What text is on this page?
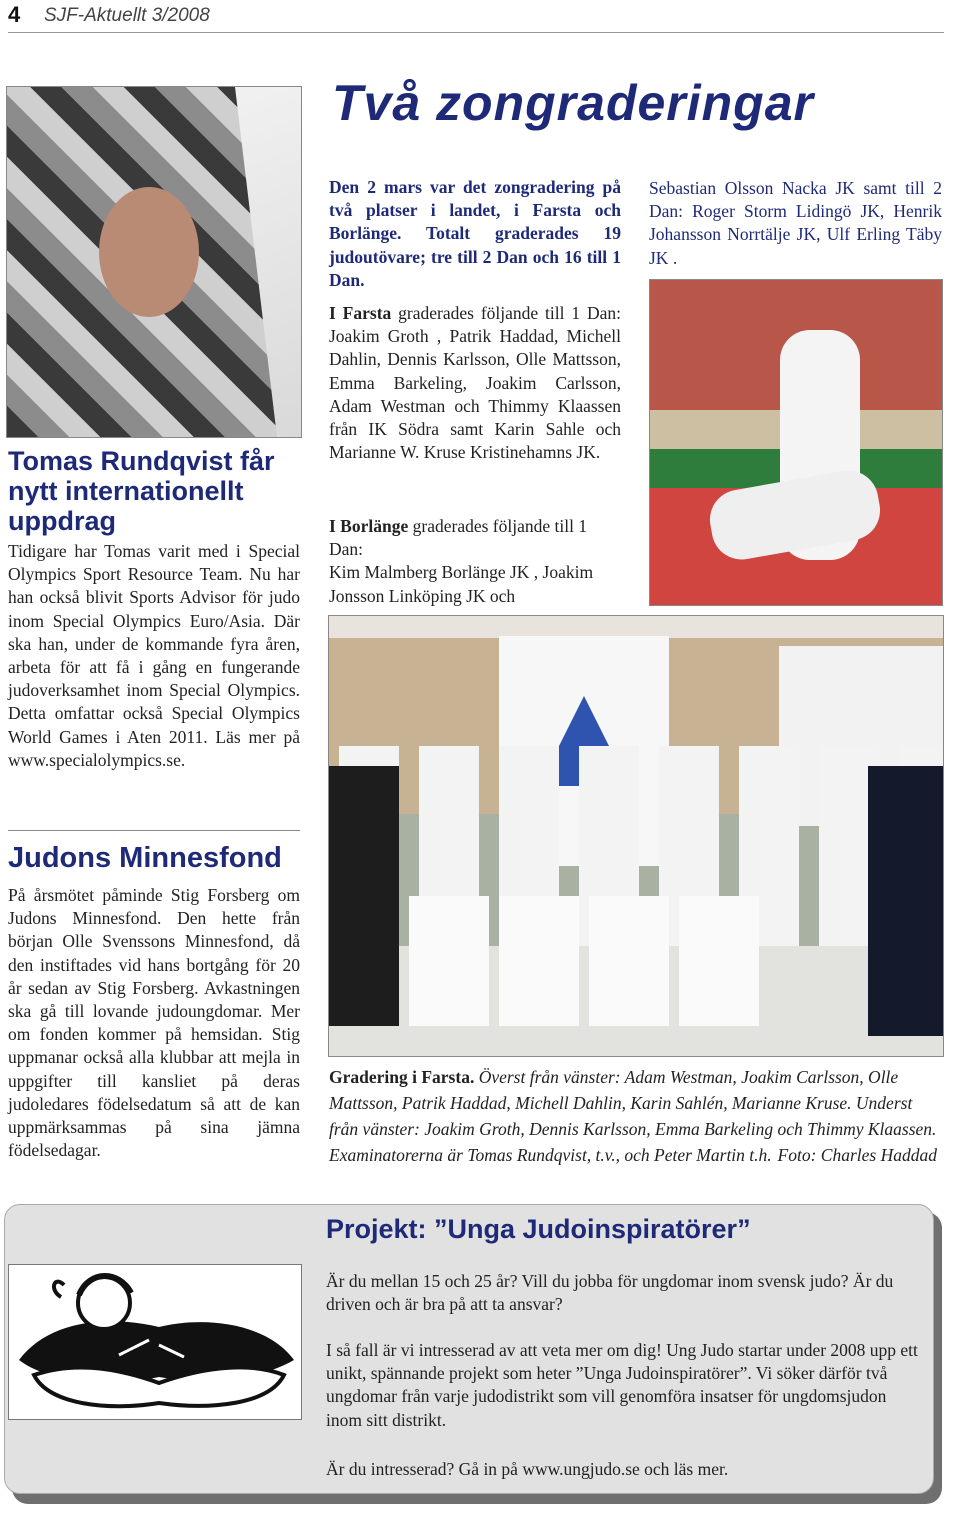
4 SJF-Aktuellt 3/2008
Tomas Rundqvist får nytt internationellt uppdrag
Tidigare har Tomas varit med i Special Olympics Sport Resource Team. Nu har han också blivit Sports Advisor för judo inom Special Olympics Euro/Asia. Där ska han, under de kommande fyra åren, arbeta för att få i gång en fungerande judoverksamhet inom Special Olympics. Detta omfattar också Special Olympics World Games i Aten 2011. Läs mer på www.specialolympics.se.
Judons Minnesfond
På årsmötet påminde Stig Forsberg om Judons Minnesfond. Den hette från början Olle Svenssons Minnesfond, då den instiftades vid hans bortgång för 20 år sedan av Stig Forsberg. Avkastningen ska gå till lovande judoungdomar. Mer om fonden kommer på hemsidan. Stig uppmanar också alla klubbar att mejla in uppgifter till kansliet på deras judoledares födelsedatum så att de kan uppmärksammas på sina jämna födelsedagar.
Två zongraderingar
Den 2 mars var det zongradering på två platser i landet, i Farsta och Borlänge. Totalt graderades 19 judoutövare; tre till 2 Dan och 16 till 1 Dan.
I Farsta graderades följande till 1 Dan: Joakim Groth , Patrik Haddad, Michell Dahlin, Dennis Karlsson, Olle Mattsson, Emma Barkeling, Joakim Carlsson, Adam Westman och Thimmy Klaassen från IK Södra samt Karin Sahle och Marianne W. Kruse Kristinehamns JK.
I Borlänge graderades följande till 1 Dan:
Kim Malmberg Borlänge JK , Joakim Jonsson Linköping JK och
Sebastian Olsson Nacka JK samt till 2 Dan: Roger Storm Lidingö JK, Henrik Johansson Norrtälje JK, Ulf Erling Täby JK .
Gradering i Farsta. Överst från vänster: Adam Westman, Joakim Carlsson, Olle Mattsson, Patrik Haddad, Michell Dahlin, Karin Sahlén, Marianne Kruse. Underst från vänster: Joakim Groth, Dennis Karlsson, Emma Barkeling och Thimmy Klaassen. Examinatorerna är Tomas Rundqvist, t.v., och Peter Martin t.h. Foto: Charles Haddad
Projekt: ”Unga Judoinspiratörer”
Är du mellan 15 och 25 år? Vill du jobba för ungdomar inom svensk judo? Är du driven och är bra på att ta ansvar?
I så fall är vi intresserad av att veta mer om dig! Ung Judo startar under 2008 upp ett unikt, spännande projekt som heter ”Unga Judoinspiratörer”. Vi söker därför två ungdomar från varje judodistrikt som vill genomföra insatser för ungdomsjudon inom sitt distrikt.
Är du intresserad? Gå in på www.ungjudo.se och läs mer.
